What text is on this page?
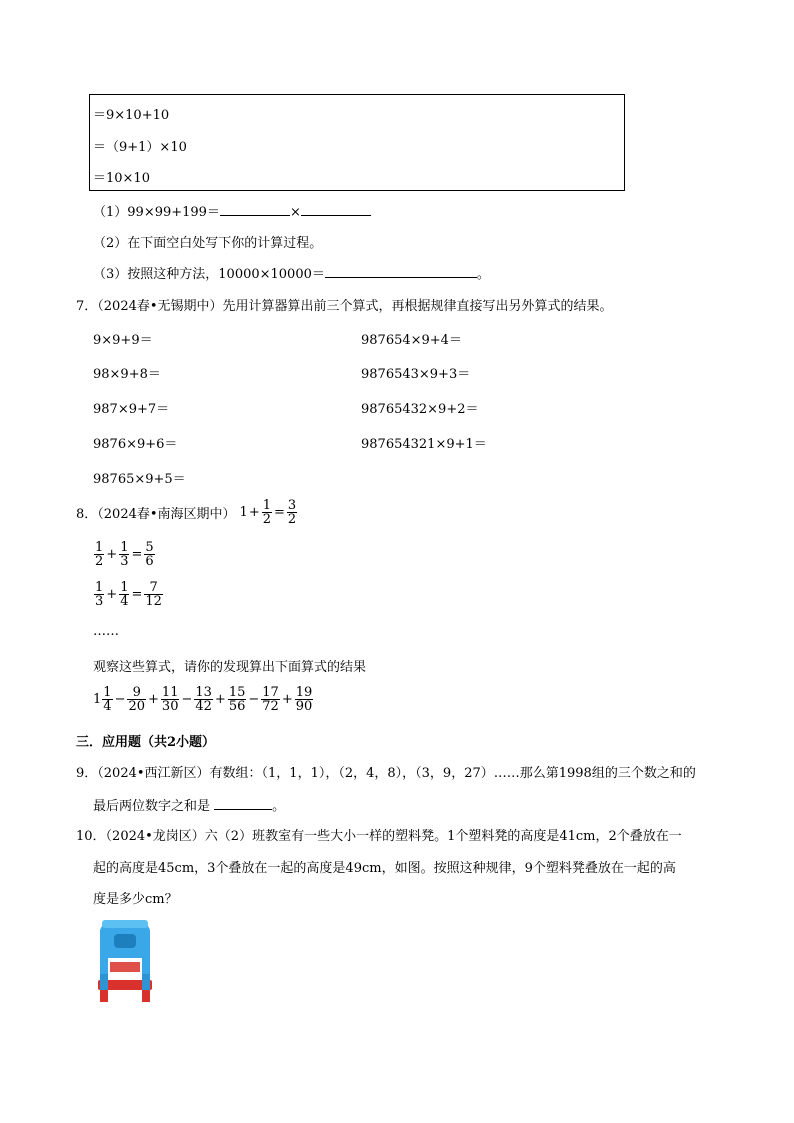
＝9×10+10
＝（9+1）×10
＝10×10
（1）99×99+199＝	×
（2）在下面空白处写下你的计算过程。
（3）按照这种方法，10000×10000＝	。
7．（2024春•无锡期中）先用计算器算出前三个算式，再根据规律直接写出另外算式的结果。
9×9+9＝
98×9+8＝
987×9+7＝
9876×9+6＝
98765×9+5＝
987654×9+4＝
9876543×9+3＝
98765432×9+2＝
987654321×9+1＝
8．（2024春•南海区期中） $1 + \frac{1}{2} = \frac{3}{2}$
$\frac{1}{2} + \frac{1}{3} = \frac{5}{6}$
$\frac{1}{3} + \frac{1}{4} = \frac{7}{12}$
……
观察这些算式，请你的发现算出下面算式的结果
$1 \frac{1}{4} - \frac{9}{20} + \frac{11}{30} - \frac{13}{42} + \frac{15}{56} - \frac{17}{72} + \frac{19}{90}$
三．应用题（共2小题）
9．（2024•西江新区）有数组：（1，1，1），（2，4，8），（3，9，27）……那么第1998组的三个数之和的
最后两位数字之和是	。
10．（2024•龙岗区）六（2）班教室有一些大小一样的塑料凳。1个塑料凳的高度是41cm，2个叠放在一
起的高度是45cm，3个叠放在一起的高度是49cm，如图。按照这种规律，9个塑料凳叠放在一起的高
度是多少cm？
